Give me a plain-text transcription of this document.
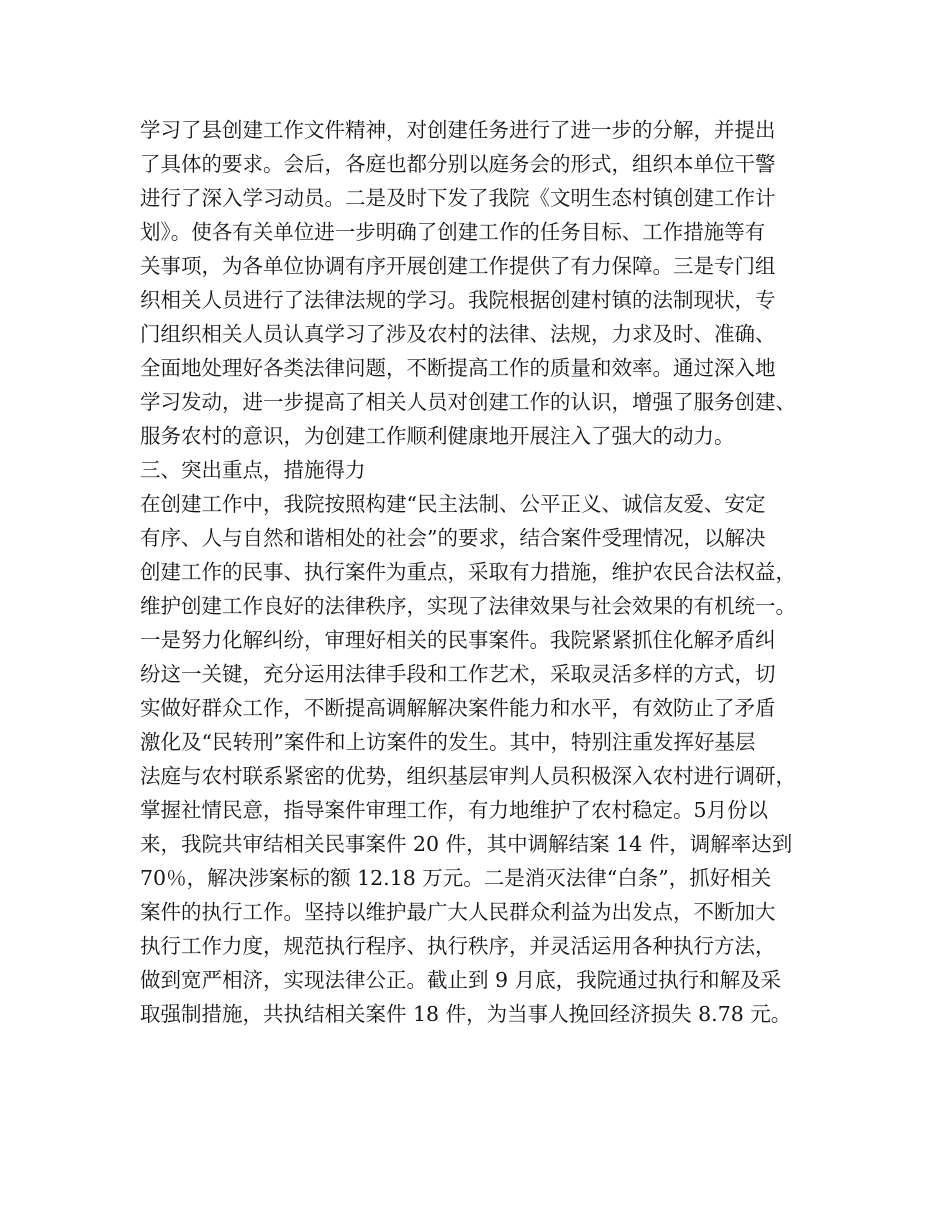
学习了县创建工作文件精神，对创建任务进行了进一步的分解，并提出
了具体的要求。会后，各庭也都分别以庭务会的形式，组织本单位干警
进行了深入学习动员。二是及时下发了我院《文明生态村镇创建工作计
划》。使各有关单位进一步明确了创建工作的任务目标、工作措施等有
关事项，为各单位协调有序开展创建工作提供了有力保障。三是专门组
织相关人员进行了法律法规的学习。我院根据创建村镇的法制现状，专
门组织相关人员认真学习了涉及农村的法律、法规，力求及时、准确、
全面地处理好各类法律问题，不断提高工作的质量和效率。通过深入地
学习发动，进一步提高了相关人员对创建工作的认识，增强了服务创建、
服务农村的意识，为创建工作顺利健康地开展注入了强大的动力。
三、突出重点，措施得力
在创建工作中，我院按照构建“民主法制、公平正义、诚信友爱、安定
有序、人与自然和谐相处的社会”的要求，结合案件受理情况，以解决
创建工作的民事、执行案件为重点，采取有力措施，维护农民合法权益，
维护创建工作良好的法律秩序，实现了法律效果与社会效果的有机统一。
一是努力化解纠纷，审理好相关的民事案件。我院紧紧抓住化解矛盾纠
纷这一关键，充分运用法律手段和工作艺术，采取灵活多样的方式，切
实做好群众工作，不断提高调解解决案件能力和水平，有效防止了矛盾
激化及“民转刑”案件和上访案件的发生。其中，特别注重发挥好基层
法庭与农村联系紧密的优势，组织基层审判人员积极深入农村进行调研，
掌握社情民意，指导案件审理工作，有力地维护了农村稳定。5月份以
来，我院共审结相关民事案件 20 件，其中调解结案 14 件，调解率达到
70％，解决涉案标的额 12.18 万元。二是消灭法律“白条”，抓好相关
案件的执行工作。坚持以维护最广大人民群众利益为出发点，不断加大
执行工作力度，规范执行程序、执行秩序，并灵活运用各种执行方法，
做到宽严相济，实现法律公正。截止到 9 月底，我院通过执行和解及采
取强制措施，共执结相关案件 18 件，为当事人挽回经济损失 8.78 元。
